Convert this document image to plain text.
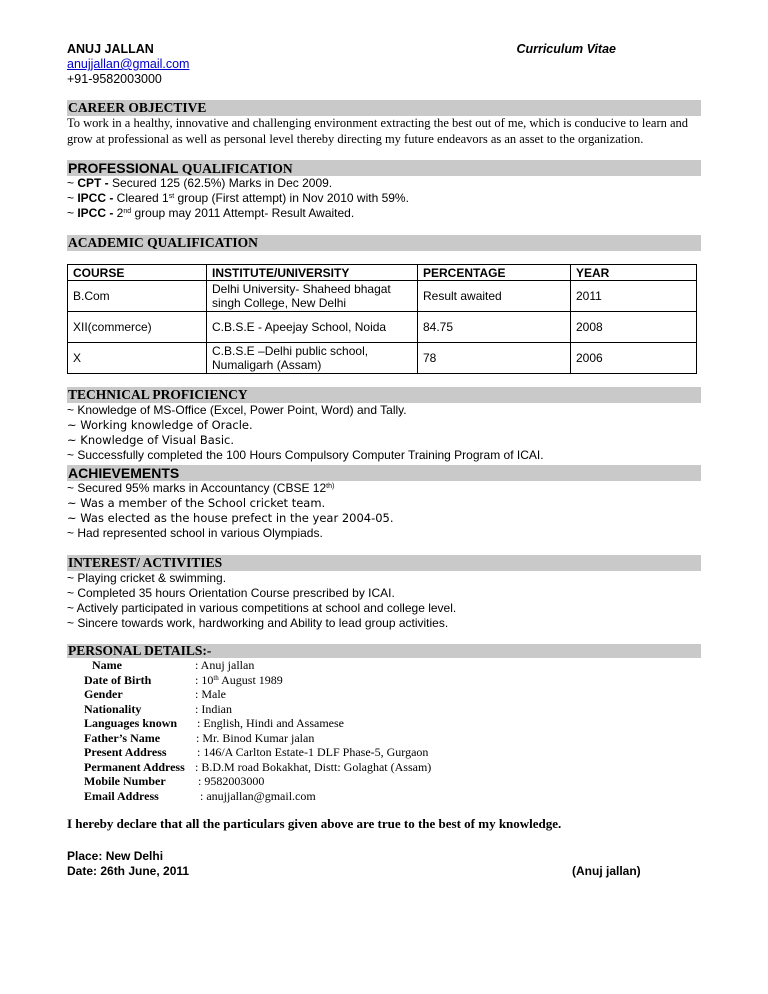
ANUJ JALLAN	Curriculum Vitae
anujjallan@gmail.com
+91-9582003000
CAREER OBJECTIVE
To work in a healthy, innovative and challenging environment extracting the best out of me, which is conducive to learn and grow at professional as well as personal level thereby directing my future endeavors as an asset to the organization.
PROFESSIONAL QUALIFICATION
~ CPT - Secured 125 (62.5%) Marks in Dec 2009.
~ IPCC - Cleared 1st group (First attempt) in Nov 2010 with 59%.
~ IPCC - 2nd group may 2011 Attempt- Result Awaited.
ACADEMIC QUALIFICATION
COURSE	INSTITUTE/UNIVERSITY	PERCENTAGE	YEAR
B.Com	Delhi University- Shaheed bhagat singh College, New Delhi	Result awaited	2011
XII(commerce)	C.B.S.E - Apeejay School, Noida	84.75	2008
X	C.B.S.E –Delhi public school, Numaligarh (Assam)	78	2006
TECHNICAL PROFICIENCY
~ Knowledge of MS-Office (Excel, Power Point, Word) and Tally.
~ Working knowledge of Oracle.
~ Knowledge of Visual Basic.
~ Successfully completed the 100 Hours Compulsory Computer Training Program of ICAI.
ACHIEVEMENTS
~ Secured 95% marks in Accountancy (CBSE $12^{th)}$
~ Was a member of the School cricket team.
~ Was elected as the house prefect in the year 2004-05.
~ Had represented school in various Olympiads.
INTEREST/ ACTIVITIES
~ Playing cricket & swimming.
~ Completed 35 hours Orientation Course prescribed by ICAI.
~ Actively participated in various competitions at school and college level.
~ Sincere towards work, hardworking and Ability to lead group activities.
PERSONAL DETAILS:-
Name	: Anuj jallan
Date of Birth	: 10th August 1989
Gender	: Male
Nationality	: Indian
Languages known : English, Hindi and Assamese
Father’s Name	: Mr. Binod Kumar jalan
Present Address	: 146/A Carlton Estate-1 DLF Phase-5, Gurgaon
Permanent Address : B.D.M road Bokakhat, Distt: Golaghat (Assam)
Mobile Number	: 9582003000
Email Address	: anujjallan@gmail.com
I hereby declare that all the particulars given above are true to the best of my knowledge.
Place: New Delhi
Date: 26th June, 2011	(Anuj jallan)
